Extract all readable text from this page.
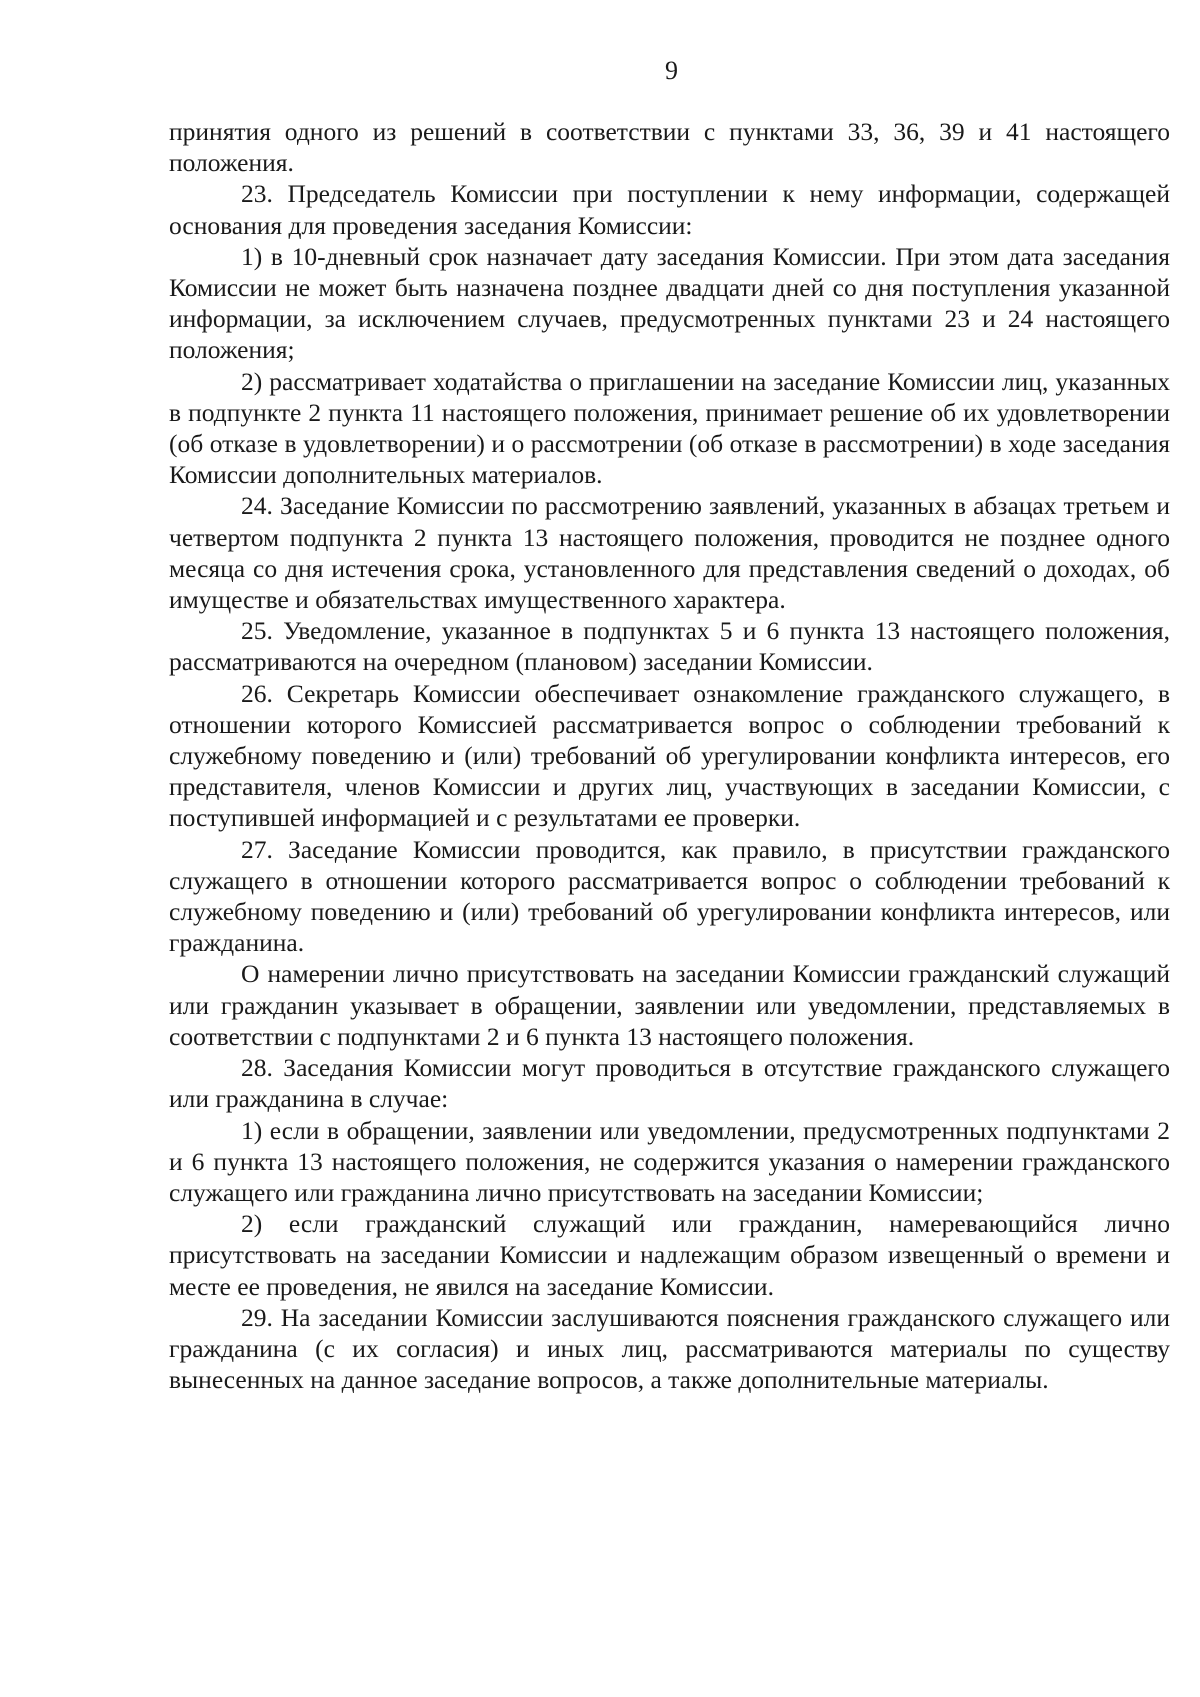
9

принятия одного из решений в соответствии с пунктами 33, 36, 39 и 41 настоящего положения.

23. Председатель Комиссии при поступлении к нему информации, содержащей основания для проведения заседания Комиссии:

1) в 10-дневный срок назначает дату заседания Комиссии. При этом дата заседания Комиссии не может быть назначена позднее двадцати дней со дня поступления указанной информации, за исключением случаев, предусмотренных пунктами 23 и 24 настоящего положения;

2) рассматривает ходатайства о приглашении на заседание Комиссии лиц, указанных в подпункте 2 пункта 11 настоящего положения, принимает решение об их удовлетворении (об отказе в удовлетворении) и о рассмотрении (об отказе в рассмотрении) в ходе заседания Комиссии дополнительных материалов.

24. Заседание Комиссии по рассмотрению заявлений, указанных в абзацах третьем и четвертом подпункта 2 пункта 13 настоящего положения, проводится не позднее одного месяца со дня истечения срока, установленного для представления сведений о доходах, об имуществе и обязательствах имущественного характера.

25. Уведомление, указанное в подпунктах 5 и 6 пункта 13 настоящего положения, рассматриваются на очередном (плановом) заседании Комиссии.

26. Секретарь Комиссии обеспечивает ознакомление гражданского служащего, в отношении которого Комиссией рассматривается вопрос о соблюдении требований к служебному поведению и (или) требований об урегулировании конфликта интересов, его представителя, членов Комиссии и других лиц, участвующих в заседании Комиссии, с поступившей информацией и с результатами ее проверки.

27. Заседание Комиссии проводится, как правило, в присутствии гражданского служащего в отношении которого рассматривается вопрос о соблюдении требований к служебному поведению и (или) требований об урегулировании конфликта интересов, или гражданина.

О намерении лично присутствовать на заседании Комиссии гражданский служащий или гражданин указывает в обращении, заявлении или уведомлении, представляемых в соответствии с подпунктами 2 и 6 пункта 13 настоящего положения.

28. Заседания Комиссии могут проводиться в отсутствие гражданского служащего или гражданина в случае:

1) если в обращении, заявлении или уведомлении, предусмотренных подпунктами 2 и 6 пункта 13 настоящего положения, не содержится указания о намерении гражданского служащего или гражданина лично присутствовать на заседании Комиссии;

2) если гражданский служащий или гражданин, намеревающийся лично присутствовать на заседании Комиссии и надлежащим образом извещенный о времени и месте ее проведения, не явился на заседание Комиссии.

29. На заседании Комиссии заслушиваются пояснения гражданского служащего или гражданина (с их согласия) и иных лиц, рассматриваются материалы по существу вынесенных на данное заседание вопросов, а также дополнительные материалы.
